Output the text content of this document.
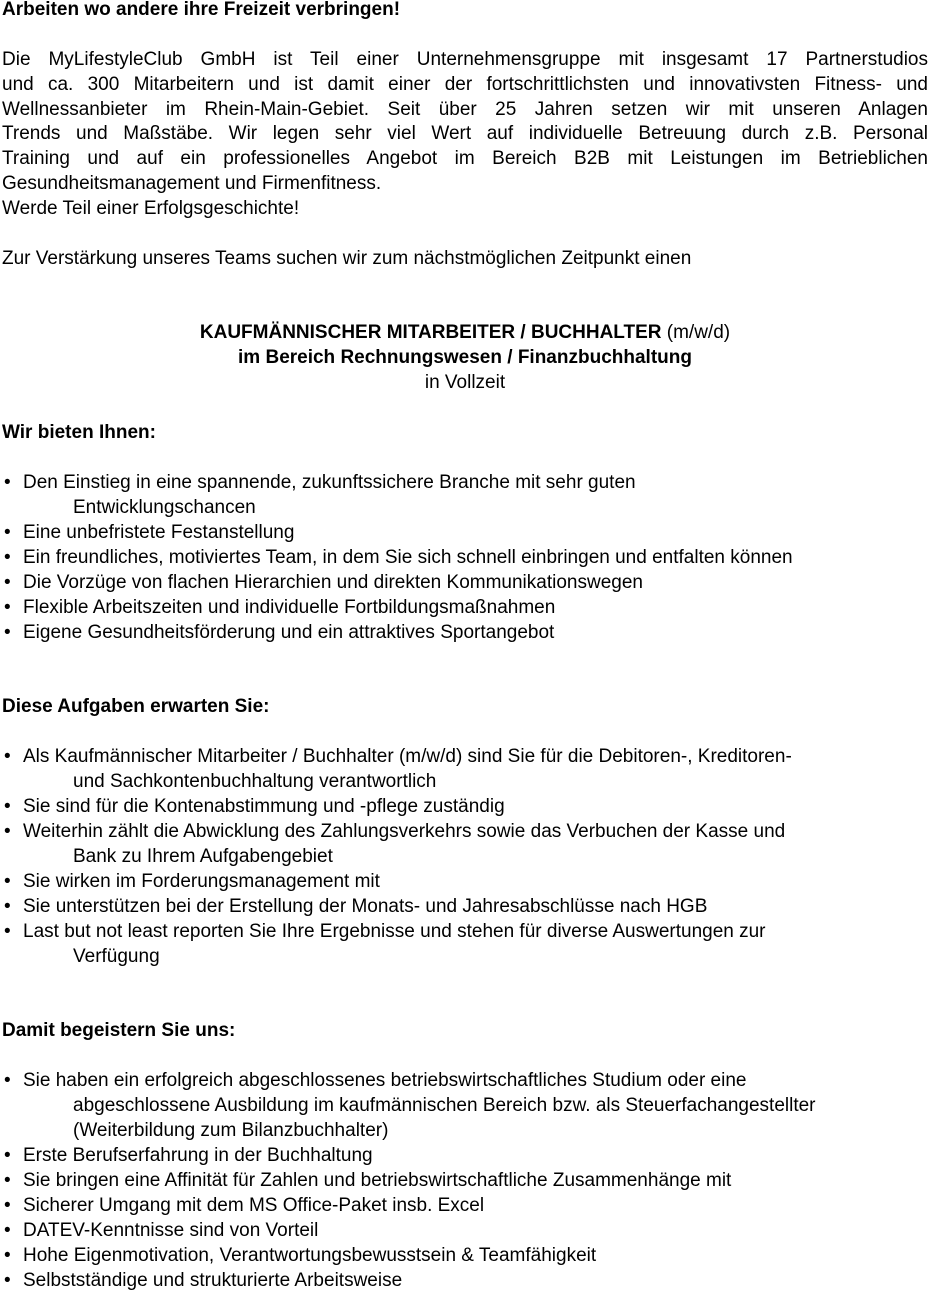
Arbeiten wo andere ihre Freizeit verbringen!
Die MyLifestyleClub GmbH ist Teil einer Unternehmensgruppe mit insgesamt 17 Partnerstudios
und ca. 300 Mitarbeitern und ist damit einer der fortschrittlichsten und innovativsten Fitness- und
Wellnessanbieter im Rhein-Main-Gebiet. Seit über 25 Jahren setzen wir mit unseren Anlagen
Trends und Maßstäbe. Wir legen sehr viel Wert auf individuelle Betreuung durch z.B. Personal
Training und auf ein professionelles Angebot im Bereich B2B mit Leistungen im Betrieblichen
Gesundheitsmanagement und Firmenfitness.
Werde Teil einer Erfolgsgeschichte!
Zur Verstärkung unseres Teams suchen wir zum nächstmöglichen Zeitpunkt einen
KAUFMÄNNISCHER MITARBEITER / BUCHHALTER (m/w/d)
im Bereich Rechnungswesen / Finanzbuchhaltung
in Vollzeit
Wir bieten Ihnen:
• Den Einstieg in eine spannende, zukunftssichere Branche mit sehr guten
Entwicklungschancen
• Eine unbefristete Festanstellung
• Ein freundliches, motiviertes Team, in dem Sie sich schnell einbringen und entfalten können
• Die Vorzüge von flachen Hierarchien und direkten Kommunikationswegen
• Flexible Arbeitszeiten und individuelle Fortbildungsmaßnahmen
• Eigene Gesundheitsförderung und ein attraktives Sportangebot
Diese Aufgaben erwarten Sie:
• Als Kaufmännischer Mitarbeiter / Buchhalter (m/w/d) sind Sie für die Debitoren-, Kreditoren-
und Sachkontenbuchhaltung verantwortlich
• Sie sind für die Kontenabstimmung und -pflege zuständig
• Weiterhin zählt die Abwicklung des Zahlungsverkehrs sowie das Verbuchen der Kasse und
Bank zu Ihrem Aufgabengebiet
• Sie wirken im Forderungsmanagement mit
• Sie unterstützen bei der Erstellung der Monats- und Jahresabschlüsse nach HGB
• Last but not least reporten Sie Ihre Ergebnisse und stehen für diverse Auswertungen zur
Verfügung
Damit begeistern Sie uns:
• Sie haben ein erfolgreich abgeschlossenes betriebswirtschaftliches Studium oder eine
abgeschlossene Ausbildung im kaufmännischen Bereich bzw. als Steuerfachangestellter
(Weiterbildung zum Bilanzbuchhalter)
• Erste Berufserfahrung in der Buchhaltung
• Sie bringen eine Affinität für Zahlen und betriebswirtschaftliche Zusammenhänge mit
• Sicherer Umgang mit dem MS Office-Paket insb. Excel
• DATEV-Kenntnisse sind von Vorteil
• Hohe Eigenmotivation, Verantwortungsbewusstsein & Teamfähigkeit
• Selbstständige und strukturierte Arbeitsweise
